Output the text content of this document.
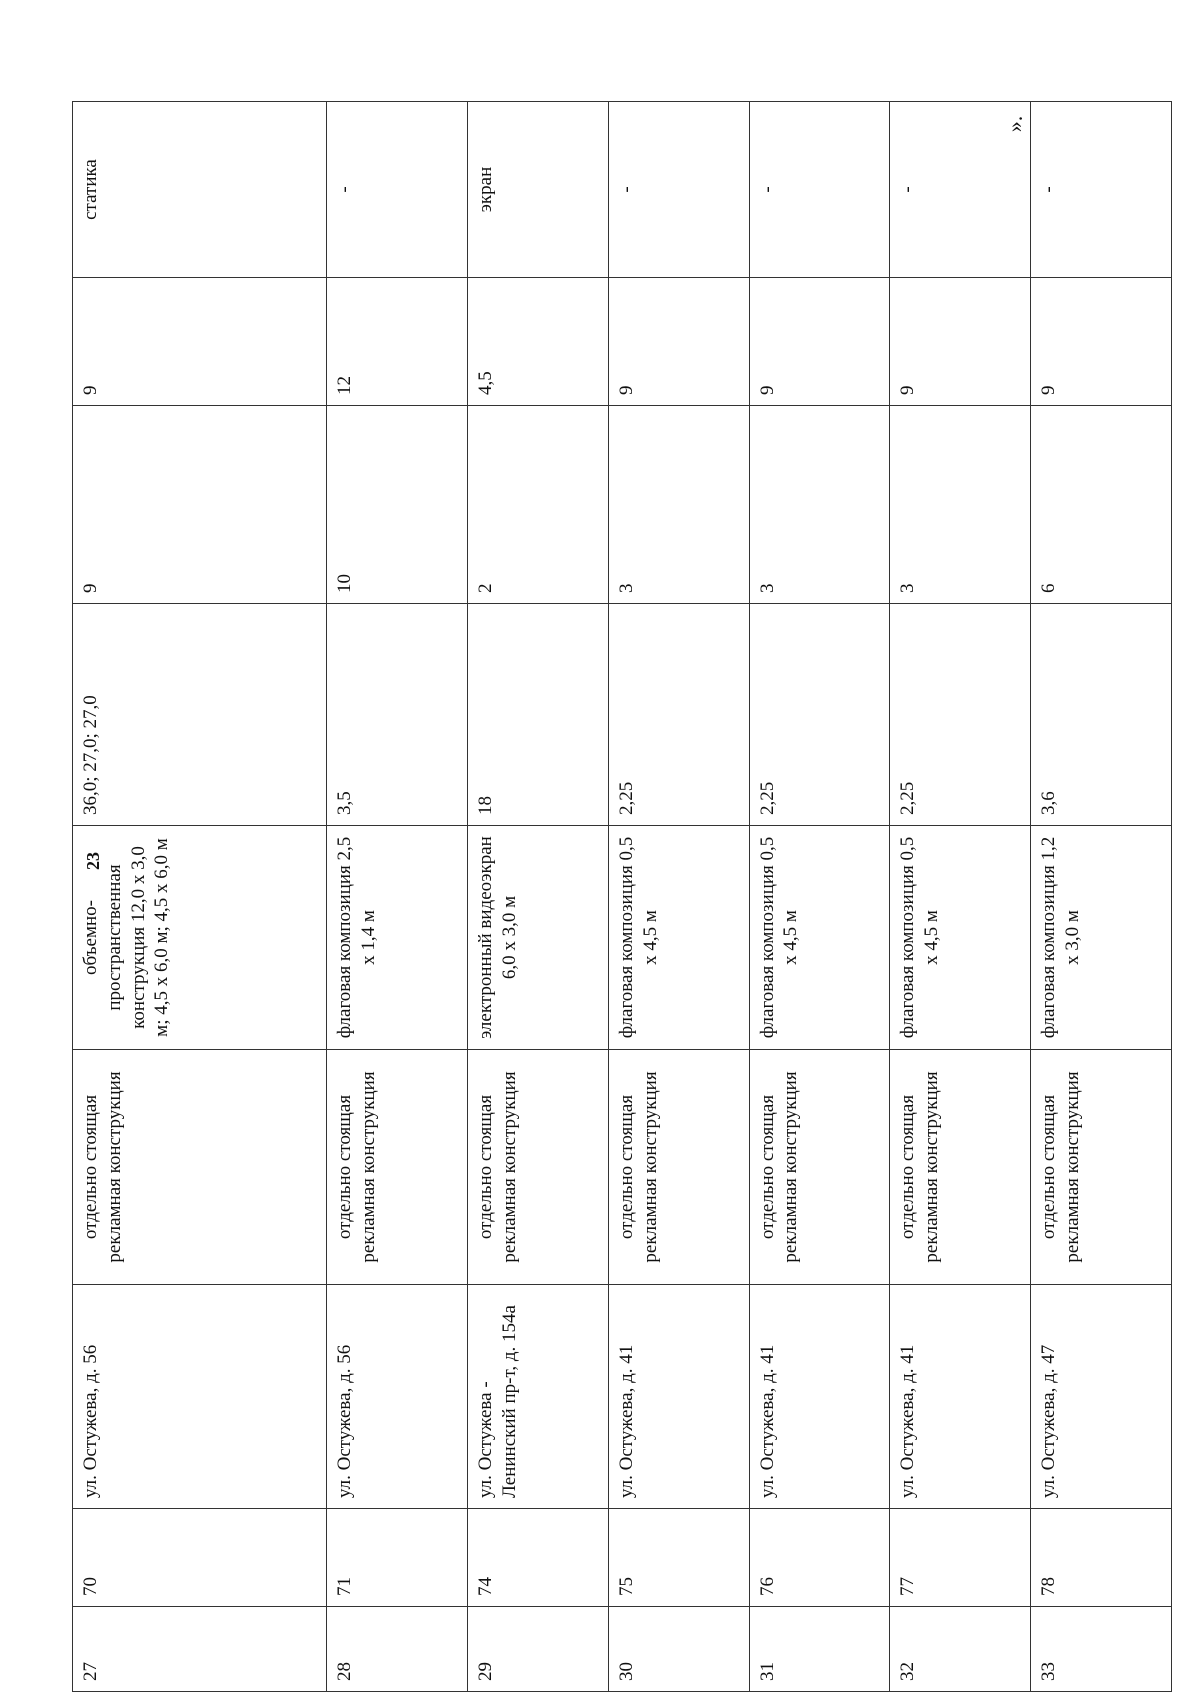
23
».
27	70	ул. Остужева, д. 56	отдельно стоящая рекламная конструкция	объемно-пространственная конструкция 12,0 х 3,0 м; 4,5 х 6,0 м; 4,5 х 6,0 м	36,0; 27,0; 27,0	9	9	статика
28	71	ул. Остужева, д. 56	отдельно стоящая рекламная конструкция	флаговая композиция 2,5 х 1,4 м	3,5	10	12	-
29	74	ул. Остужева - Ленинский пр-т, д. 154а	отдельно стоящая рекламная конструкция	электронный видеоэкран 6,0 х 3,0 м	18	2	4,5	экран
30	75	ул. Остужева, д. 41	отдельно стоящая рекламная конструкция	флаговая композиция 0,5 х 4,5 м	2,25	3	9	-
31	76	ул. Остужева, д. 41	отдельно стоящая рекламная конструкция	флаговая композиция 0,5 х 4,5 м	2,25	3	9	-
32	77	ул. Остужева, д. 41	отдельно стоящая рекламная конструкция	флаговая композиция 0,5 х 4,5 м	2,25	3	9	-
33	78	ул. Остужева, д. 47	отдельно стоящая рекламная конструкция	флаговая композиция 1,2 х 3,0 м	3,6	6	9	-
